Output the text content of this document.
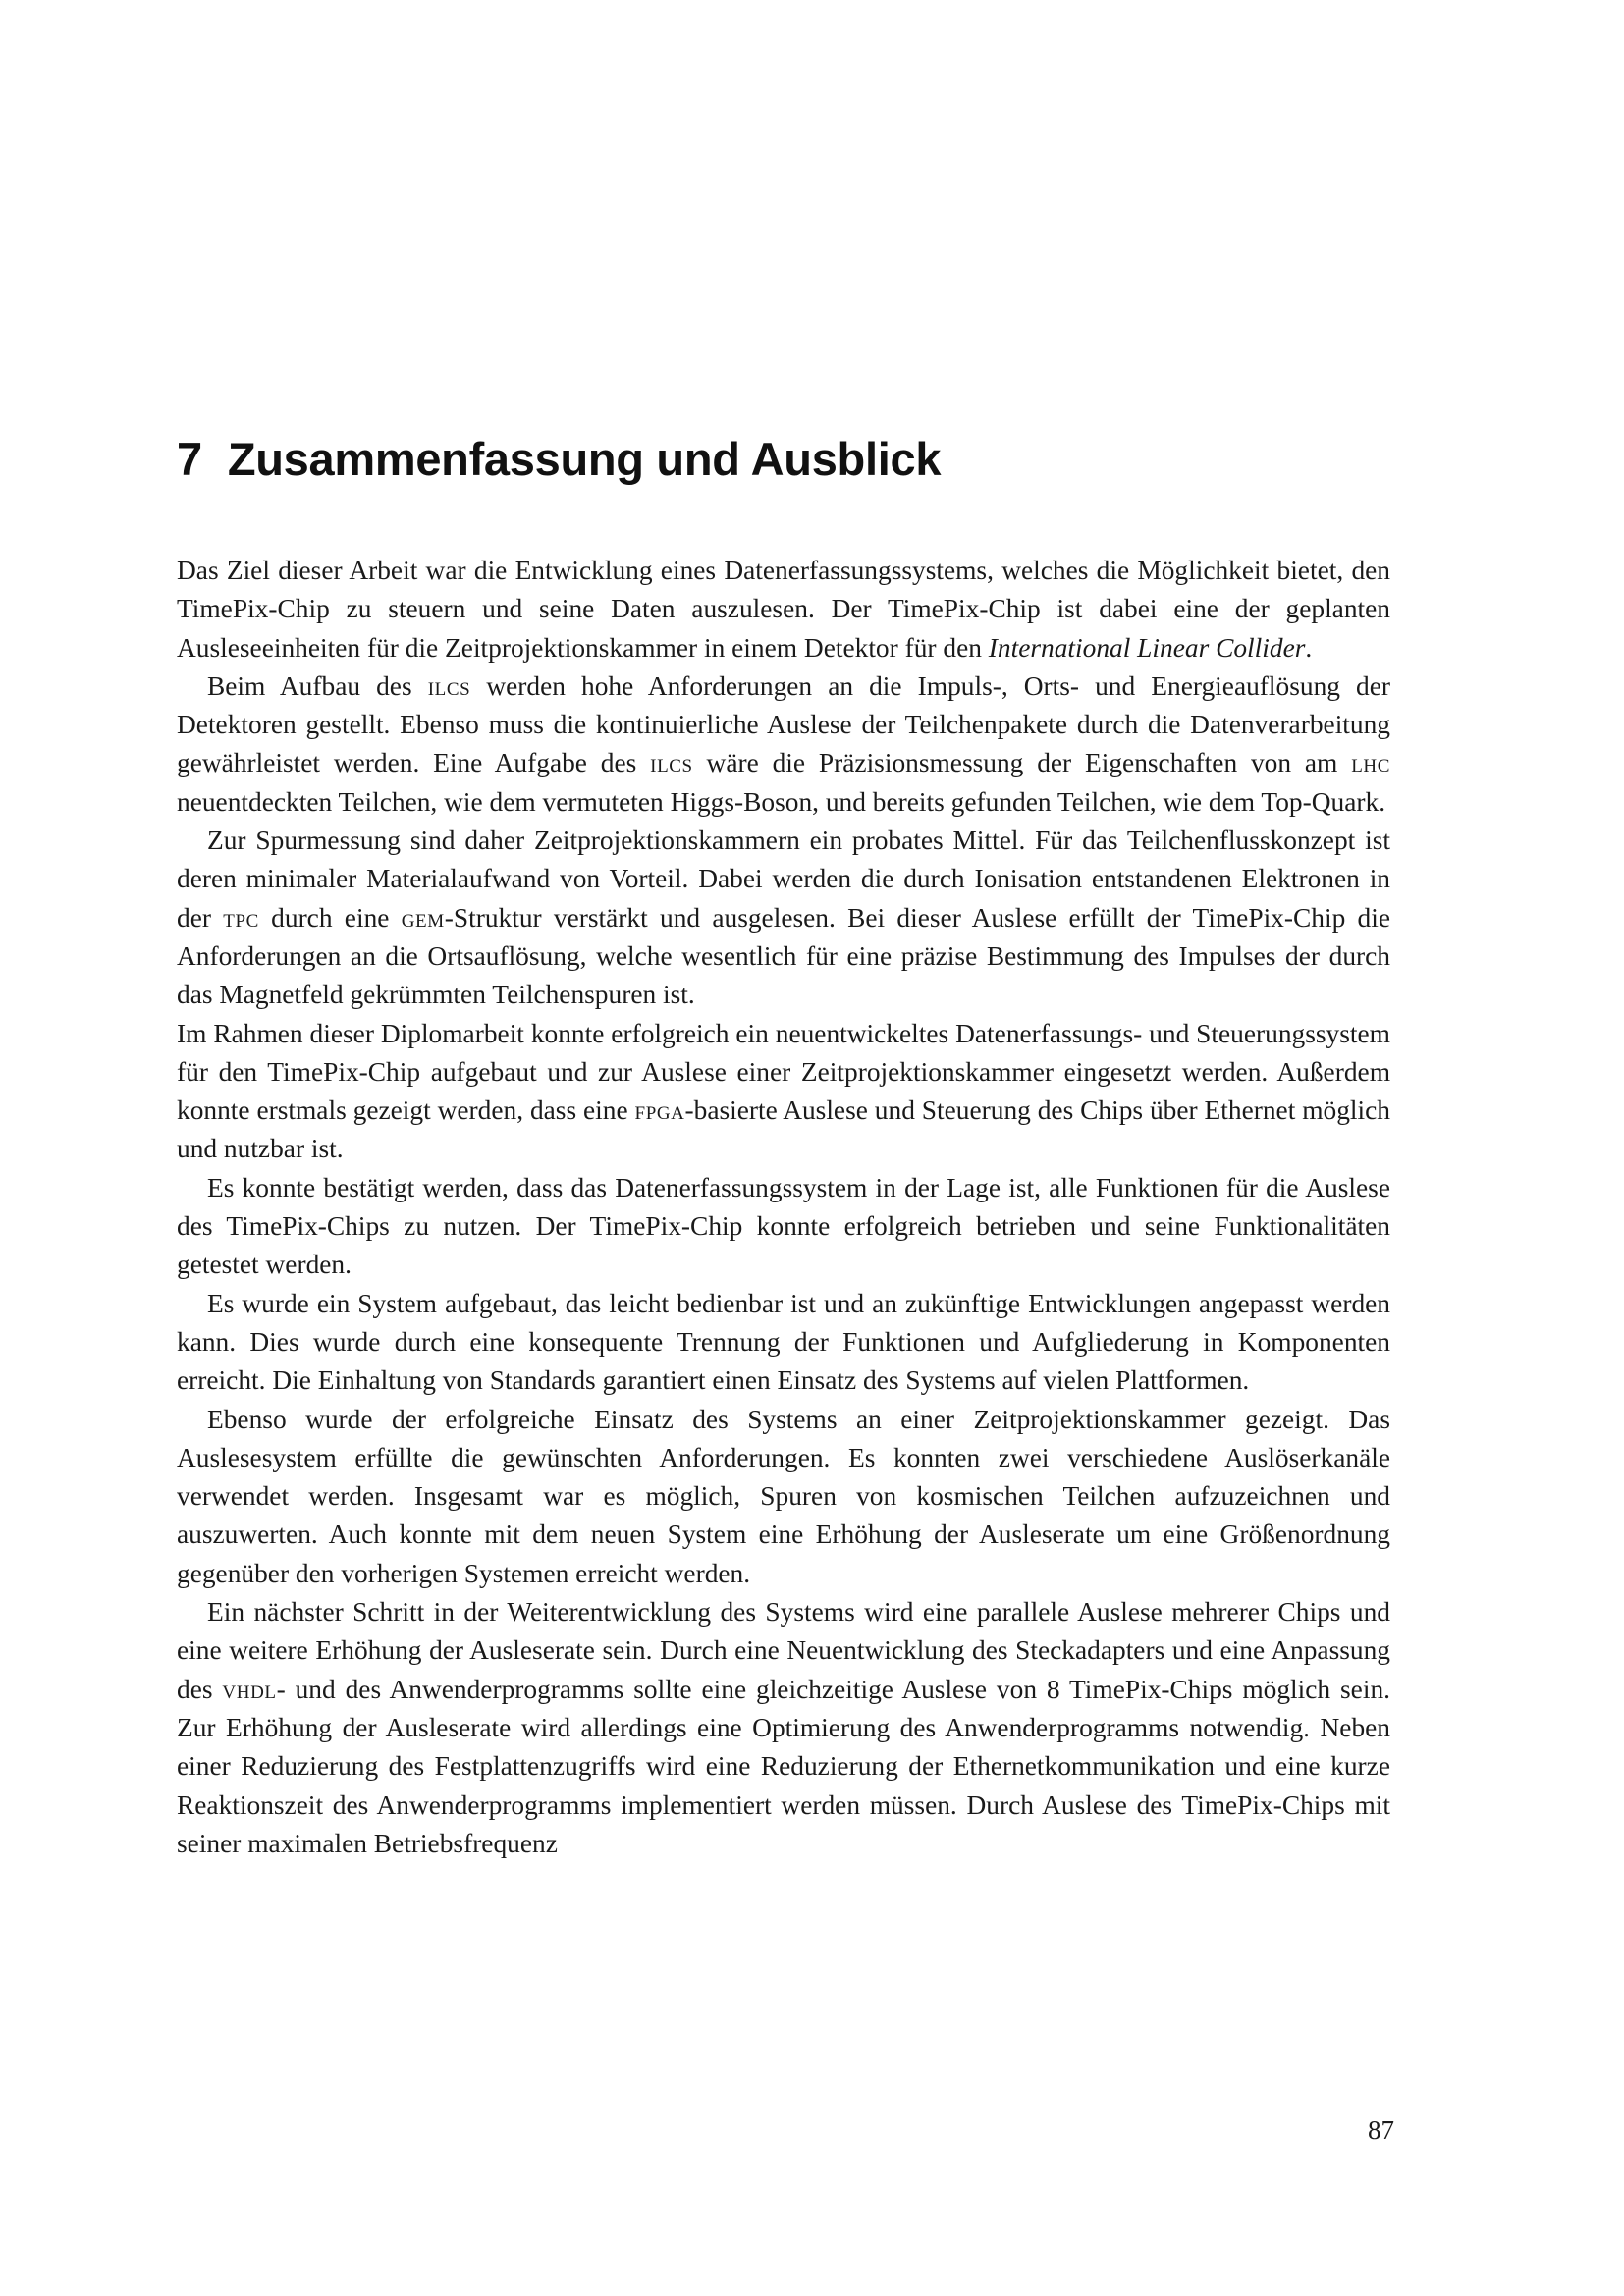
7 Zusammenfassung und Ausblick

Das Ziel dieser Arbeit war die Entwicklung eines Datenerfassungssystems, welches die Möglichkeit bietet, den TimePix-Chip zu steuern und seine Daten auszulesen. Der TimePix-Chip ist dabei eine der geplanten Ausleseeinheiten für die Zeitprojektionskammer in einem Detektor für den International Linear Collider.

Beim Aufbau des ilcs werden hohe Anforderungen an die Impuls-, Orts- und Energieauflösung der Detektoren gestellt. Ebenso muss die kontinuierliche Auslese der Teilchenpakete durch die Datenverarbeitung gewährleistet werden. Eine Aufgabe des ilcs wäre die Präzisionsmessung der Eigenschaften von am lhc neuentdeckten Teilchen, wie dem vermuteten Higgs-Boson, und bereits gefunden Teilchen, wie dem Top-Quark.

Zur Spurmessung sind daher Zeitprojektionskammern ein probates Mittel. Für das Teilchenflusskonzept ist deren minimaler Materialaufwand von Vorteil. Dabei werden die durch Ionisation entstandenen Elektronen in der tpc durch eine gem-Struktur verstärkt und ausgelesen. Bei dieser Auslese erfüllt der TimePix-Chip die Anforderungen an die Ortsauflösung, welche wesentlich für eine präzise Bestimmung des Impulses der durch das Magnetfeld gekrümmten Teilchenspuren ist.

Im Rahmen dieser Diplomarbeit konnte erfolgreich ein neuentwickeltes Datenerfassungs- und Steuerungssystem für den TimePix-Chip aufgebaut und zur Auslese einer Zeitprojektionskammer eingesetzt werden. Außerdem konnte erstmals gezeigt werden, dass eine fpga-basierte Auslese und Steuerung des Chips über Ethernet möglich und nutzbar ist.

Es konnte bestätigt werden, dass das Datenerfassungssystem in der Lage ist, alle Funktionen für die Auslese des TimePix-Chips zu nutzen. Der TimePix-Chip konnte erfolgreich betrieben und seine Funktionalitäten getestet werden.

Es wurde ein System aufgebaut, das leicht bedienbar ist und an zukünftige Entwicklungen angepasst werden kann. Dies wurde durch eine konsequente Trennung der Funktionen und Aufgliederung in Komponenten erreicht. Die Einhaltung von Standards garantiert einen Einsatz des Systems auf vielen Plattformen.

Ebenso wurde der erfolgreiche Einsatz des Systems an einer Zeitprojektionskammer gezeigt. Das Auslesesystem erfüllte die gewünschten Anforderungen. Es konnten zwei verschiedene Auslöserkanäle verwendet werden. Insgesamt war es möglich, Spuren von kosmischen Teilchen aufzuzeichnen und auszuwerten. Auch konnte mit dem neuen System eine Erhöhung der Ausleserate um eine Größenordnung gegenüber den vorherigen Systemen erreicht werden.

Ein nächster Schritt in der Weiterentwicklung des Systems wird eine parallele Auslese mehrerer Chips und eine weitere Erhöhung der Ausleserate sein. Durch eine Neuentwicklung des Steckadapters und eine Anpassung des vhdl- und des Anwenderprogramms sollte eine gleichzeitige Auslese von 8 TimePix-Chips möglich sein. Zur Erhöhung der Ausleserate wird allerdings eine Optimierung des Anwenderprogramms notwendig. Neben einer Reduzierung des Festplattenzugriffs wird eine Reduzierung der Ethernetkommunikation und eine kurze Reaktionszeit des Anwenderprogramms implementiert werden müssen. Durch Auslese des TimePix-Chips mit seiner maximalen Betriebsfrequenz

87
